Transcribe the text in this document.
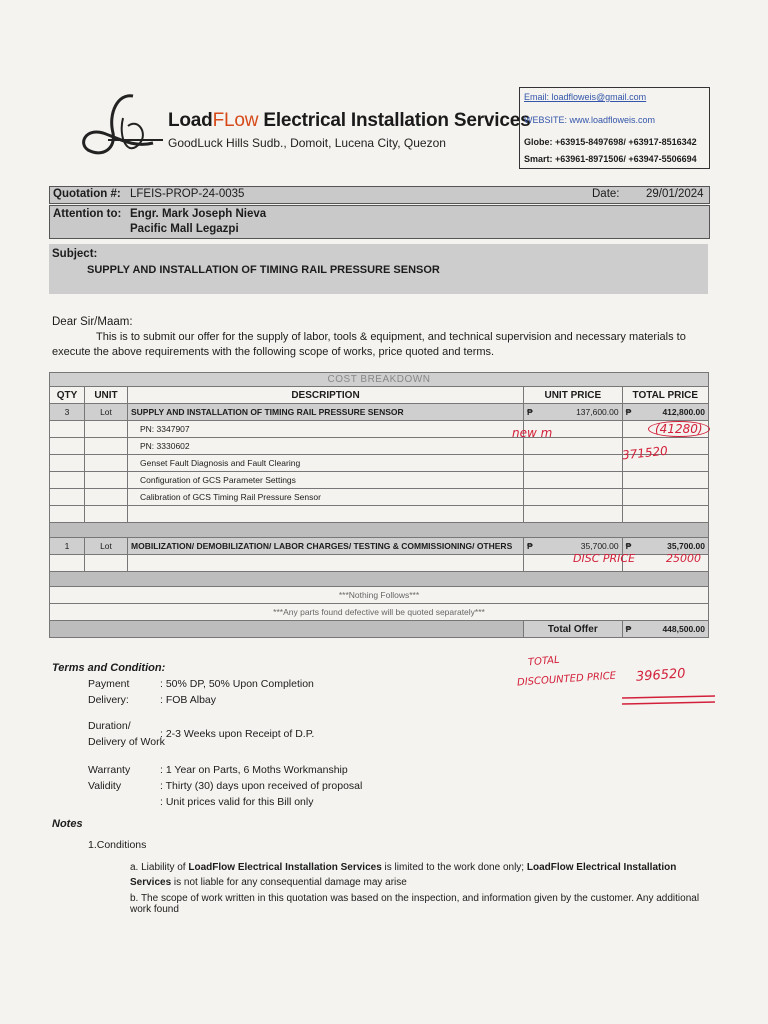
LoadFLow Electrical Installation Services
GoodLuck Hills Sudb., Domoit, Lucena City, Quezon
Email: loadfloweis@gmail.com
WEBSITE: www.loadfloweis.com
Globe: +63915-8497698/ +63917-8516342
Smart: +63961-8971506/ +63947-5506694
Quotation #: LFEIS-PROP-24-0035	Date: 29/01/2024
Attention to: Engr. Mark Joseph Nieva
Pacific Mall Legazpi
Subject:
SUPPLY AND INSTALLATION OF TIMING RAIL PRESSURE SENSOR
Dear Sir/Maam:
This is to submit our offer for the supply of labor, tools & equipment, and technical supervision and necessary materials to execute the above requirements with the following scope of works, price quoted and terms.
COST BREAKDOWN						
QTY	UNIT	DESCRIPTION	UNIT PRICE		TOTAL PRICE	
3	Lot	SUPPLY AND INSTALLATION OF TIMING RAIL PRESSURE SENSOR	₱	137,600.00	₱	412,800.00
		PN: 3347907				
		PN: 3330602				
		Genset Fault Diagnosis and Fault Clearing				
		Configuration of GCS Parameter Settings				
		Calibration of GCS Timing Rail Pressure Sensor				

1	Lot	MOBILIZATION/ DEMOBILIZATION/ LABOR CHARGES/ TESTING & COMMISSIONING/ OTHERS	₱	35,700.00	₱	35,700.00

***Nothing Follows***						
***Any parts found defective will be quoted separately***						
			Total Offer		₱	448,500.00
new m	(41280)
371520
DISC PRICE	25000
TOTAL
DISCOUNTED PRICE 396520
Terms and Condition:
Payment	: 50% DP, 50% Upon Completion
Delivery:	: FOB Albay
Duration/
Delivery of Work
: 2-3 Weeks upon Receipt of D.P.
Warranty	: 1 Year on Parts, 6 Moths Workmanship
Validity	: Thirty (30) days upon received of proposal
: Unit prices valid for this Bill only
Notes
1.Conditions
a. Liability of LoadFlow Electrical Installation Services is limited to the work done only; LoadFlow Electrical Installation Services is not liable for any consequential damage may arise
b. The scope of work written in this quotation was based on the inspection, and information given by the customer. Any additional work found
